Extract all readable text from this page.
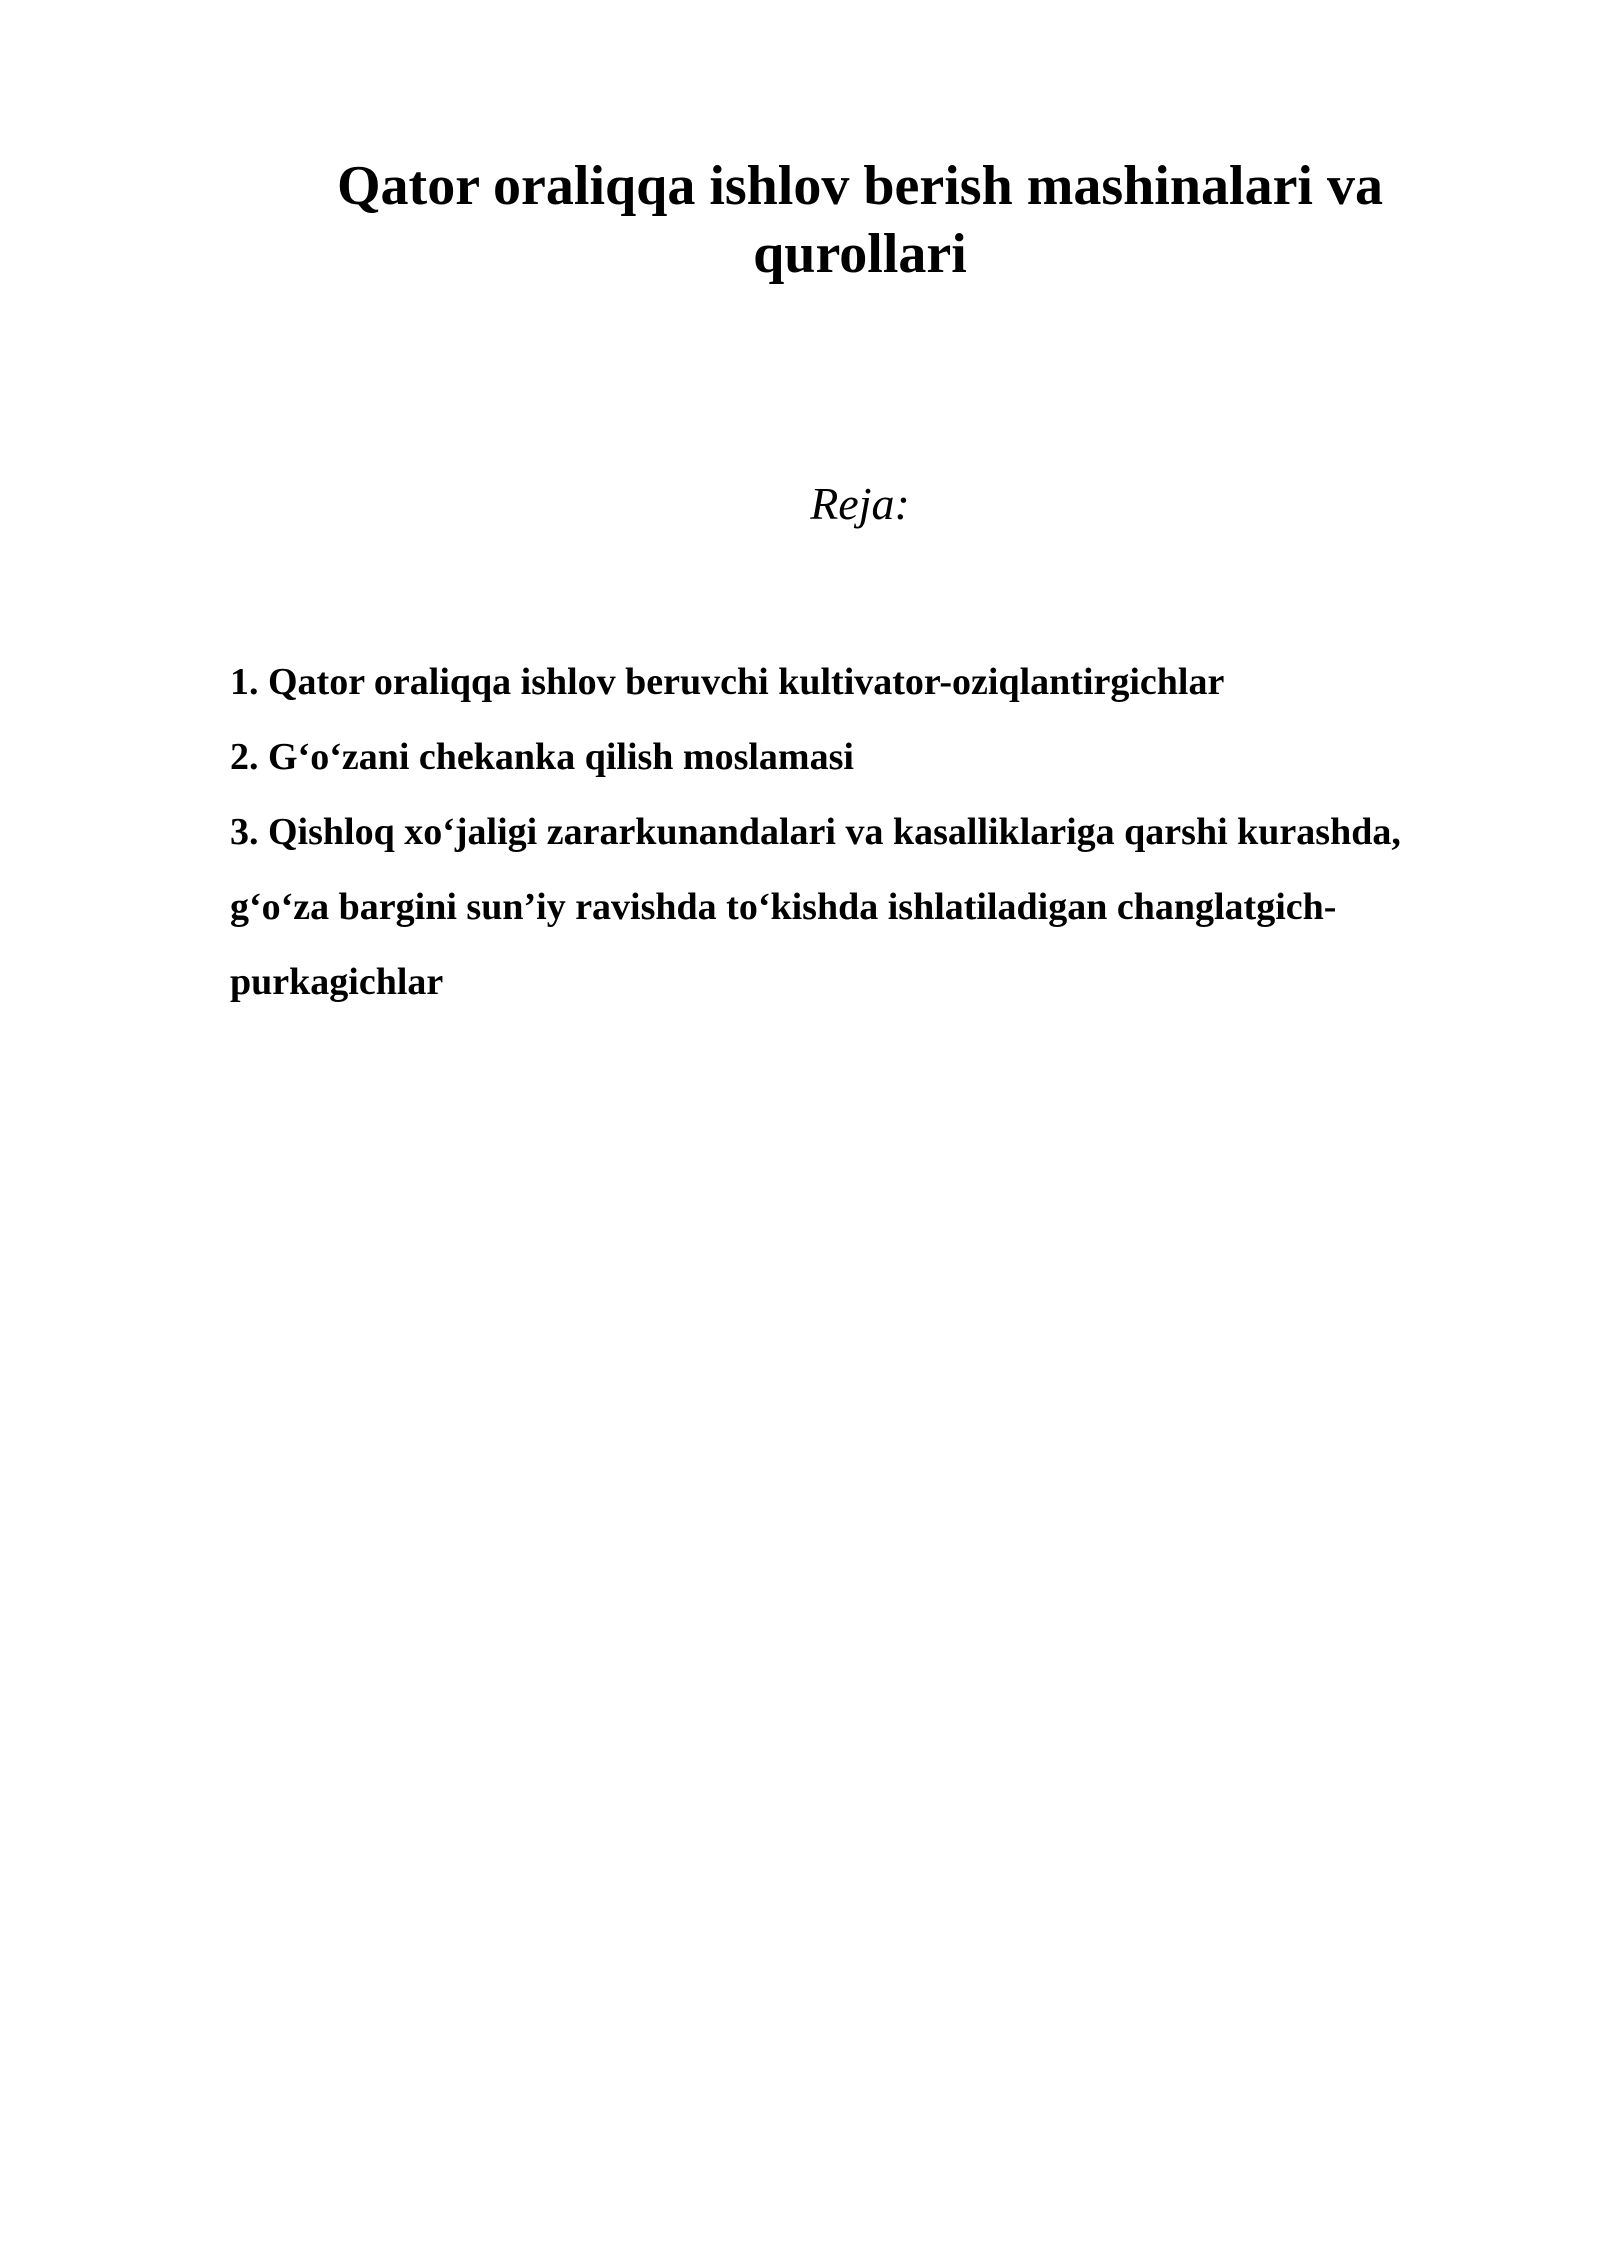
Qator oraliqqa ishlov berish mashinalari va qurollari

Reja:

1. Qator oraliqqa ishlov beruvchi kultivator-oziqlantirgichlar
2. G‘o‘zani chekanka qilish moslamasi
3. Qishloq xo‘jaligi zararkunandalari va kasalliklariga qarshi kurashda, g‘o‘za bargini sun’iy ravishda to‘kishda ishlatiladigan changlatgich-purkagichlar
